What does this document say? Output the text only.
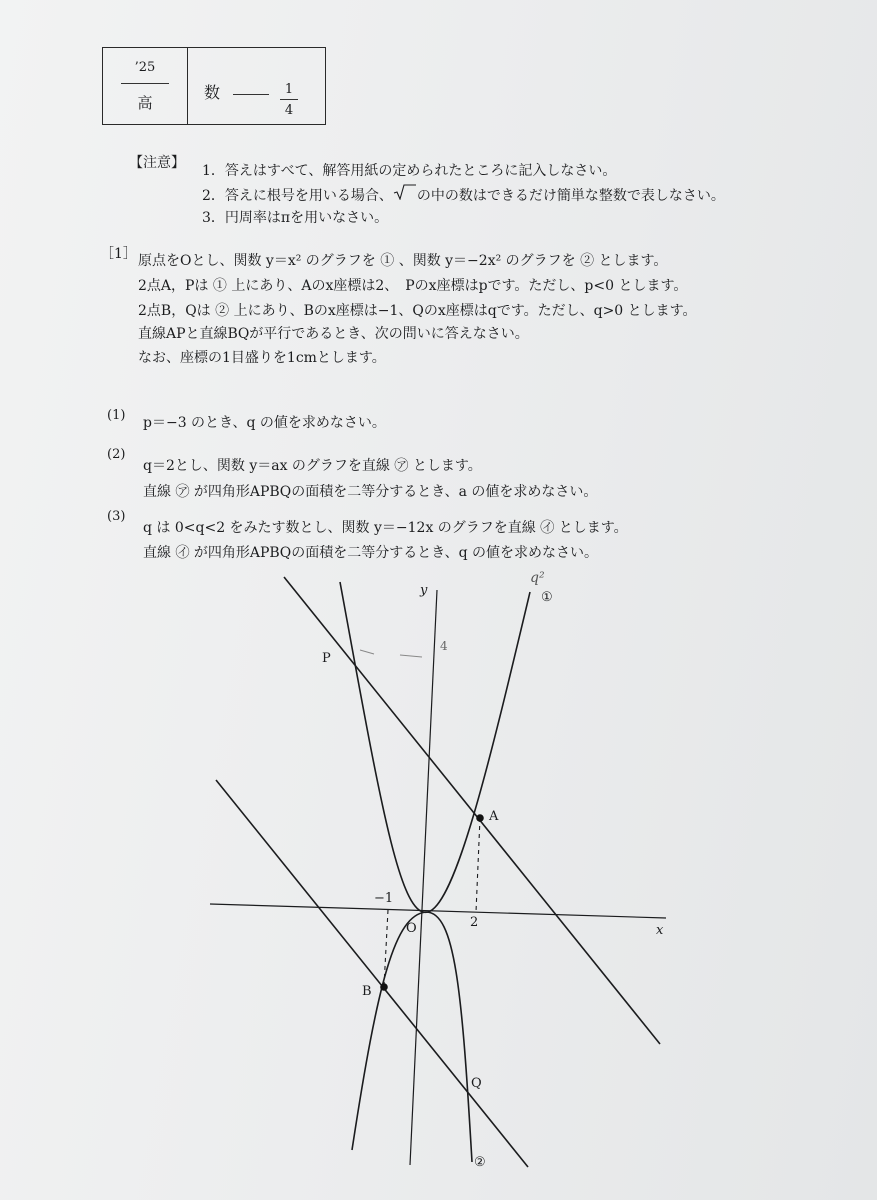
’25
高
数	1
4
【注意】 1．答えはすべて、解答用紙の定められたところに記入しなさい。
2．答えに根号を用いる場合、 の中の数はできるだけ簡単な整数で表しなさい。
3．円周率はπを用いなさい。
［1］ 原点をOとし、関数 y＝x² のグラフを ① 、関数 y＝−2x² のグラフを ② とします。
2点A，Pは ① 上にあり、Aのx座標は2、　Pのx座標はpです。ただし、p<0 とします。
2点B，Qは ② 上にあり、Bのx座標は−1、Qのx座標はqです。ただし、q>0 とします。
直線APと直線BQが平行であるとき、次の問いに答えなさい。
なお、座標の1目盛りを1cmとします。
(1) p＝−3 のとき、q の値を求めなさい。
(2)
q＝2とし、関数 y＝ax のグラフを直線 ㋐ とします。
直線 ㋐ が四角形APBQの面積を二等分するとき、a の値を求めなさい。
(3)
q は 0<q<2 をみたす数とし、関数 y＝−12x のグラフを直線 ㋑ とします。
直線 ㋑ が四角形APBQの面積を二等分するとき、q の値を求めなさい。
y
x
O
P
A
B
Q
−1
2
①
②
q²
4
